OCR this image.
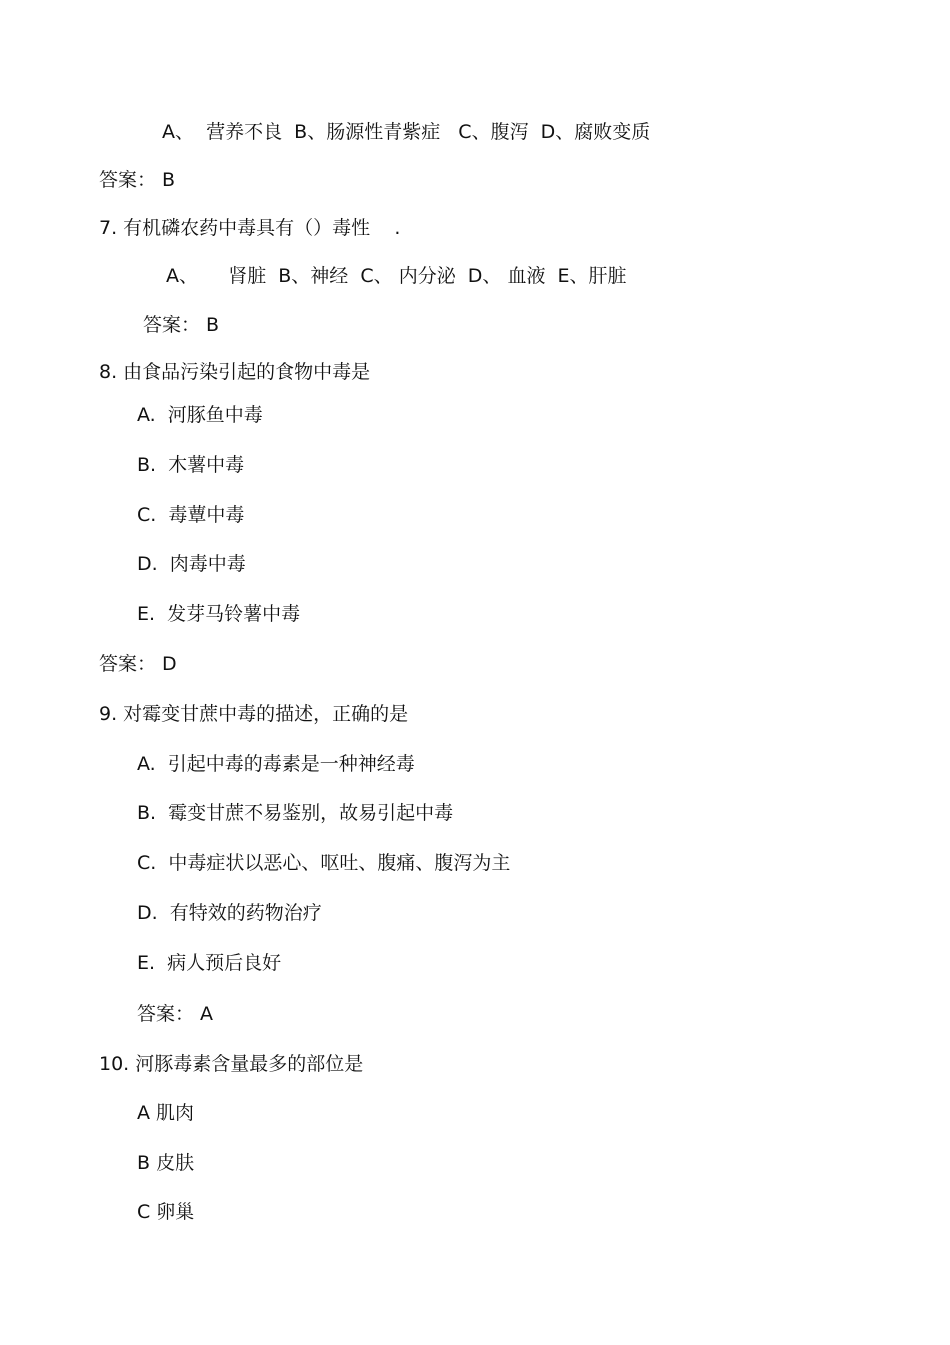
A、  营养不良  B、肠源性青紫症   C、腹泻  D、腐败变质
答案： B
7. 有机磷农药中毒具有（）毒性    .
A、     肾脏  B、神经  C、 内分泌  D、 血液  E、肝脏
答案： B
8. 由食品污染引起的食物中毒是
A.  河豚鱼中毒
B.  木薯中毒
C.  毒蕈中毒
D.  肉毒中毒
E.  发芽马铃薯中毒
答案： D
9. 对霉变甘蔗中毒的描述，正确的是
A.  引起中毒的毒素是一种神经毒
B.  霉变甘蔗不易鉴别，故易引起中毒
C.  中毒症状以恶心、呕吐、腹痛、腹泻为主
D.  有特效的药物治疗
E.  病人预后良好
答案： A
10. 河豚毒素含量最多的部位是
A 肌肉
B 皮肤
C 卵巢
